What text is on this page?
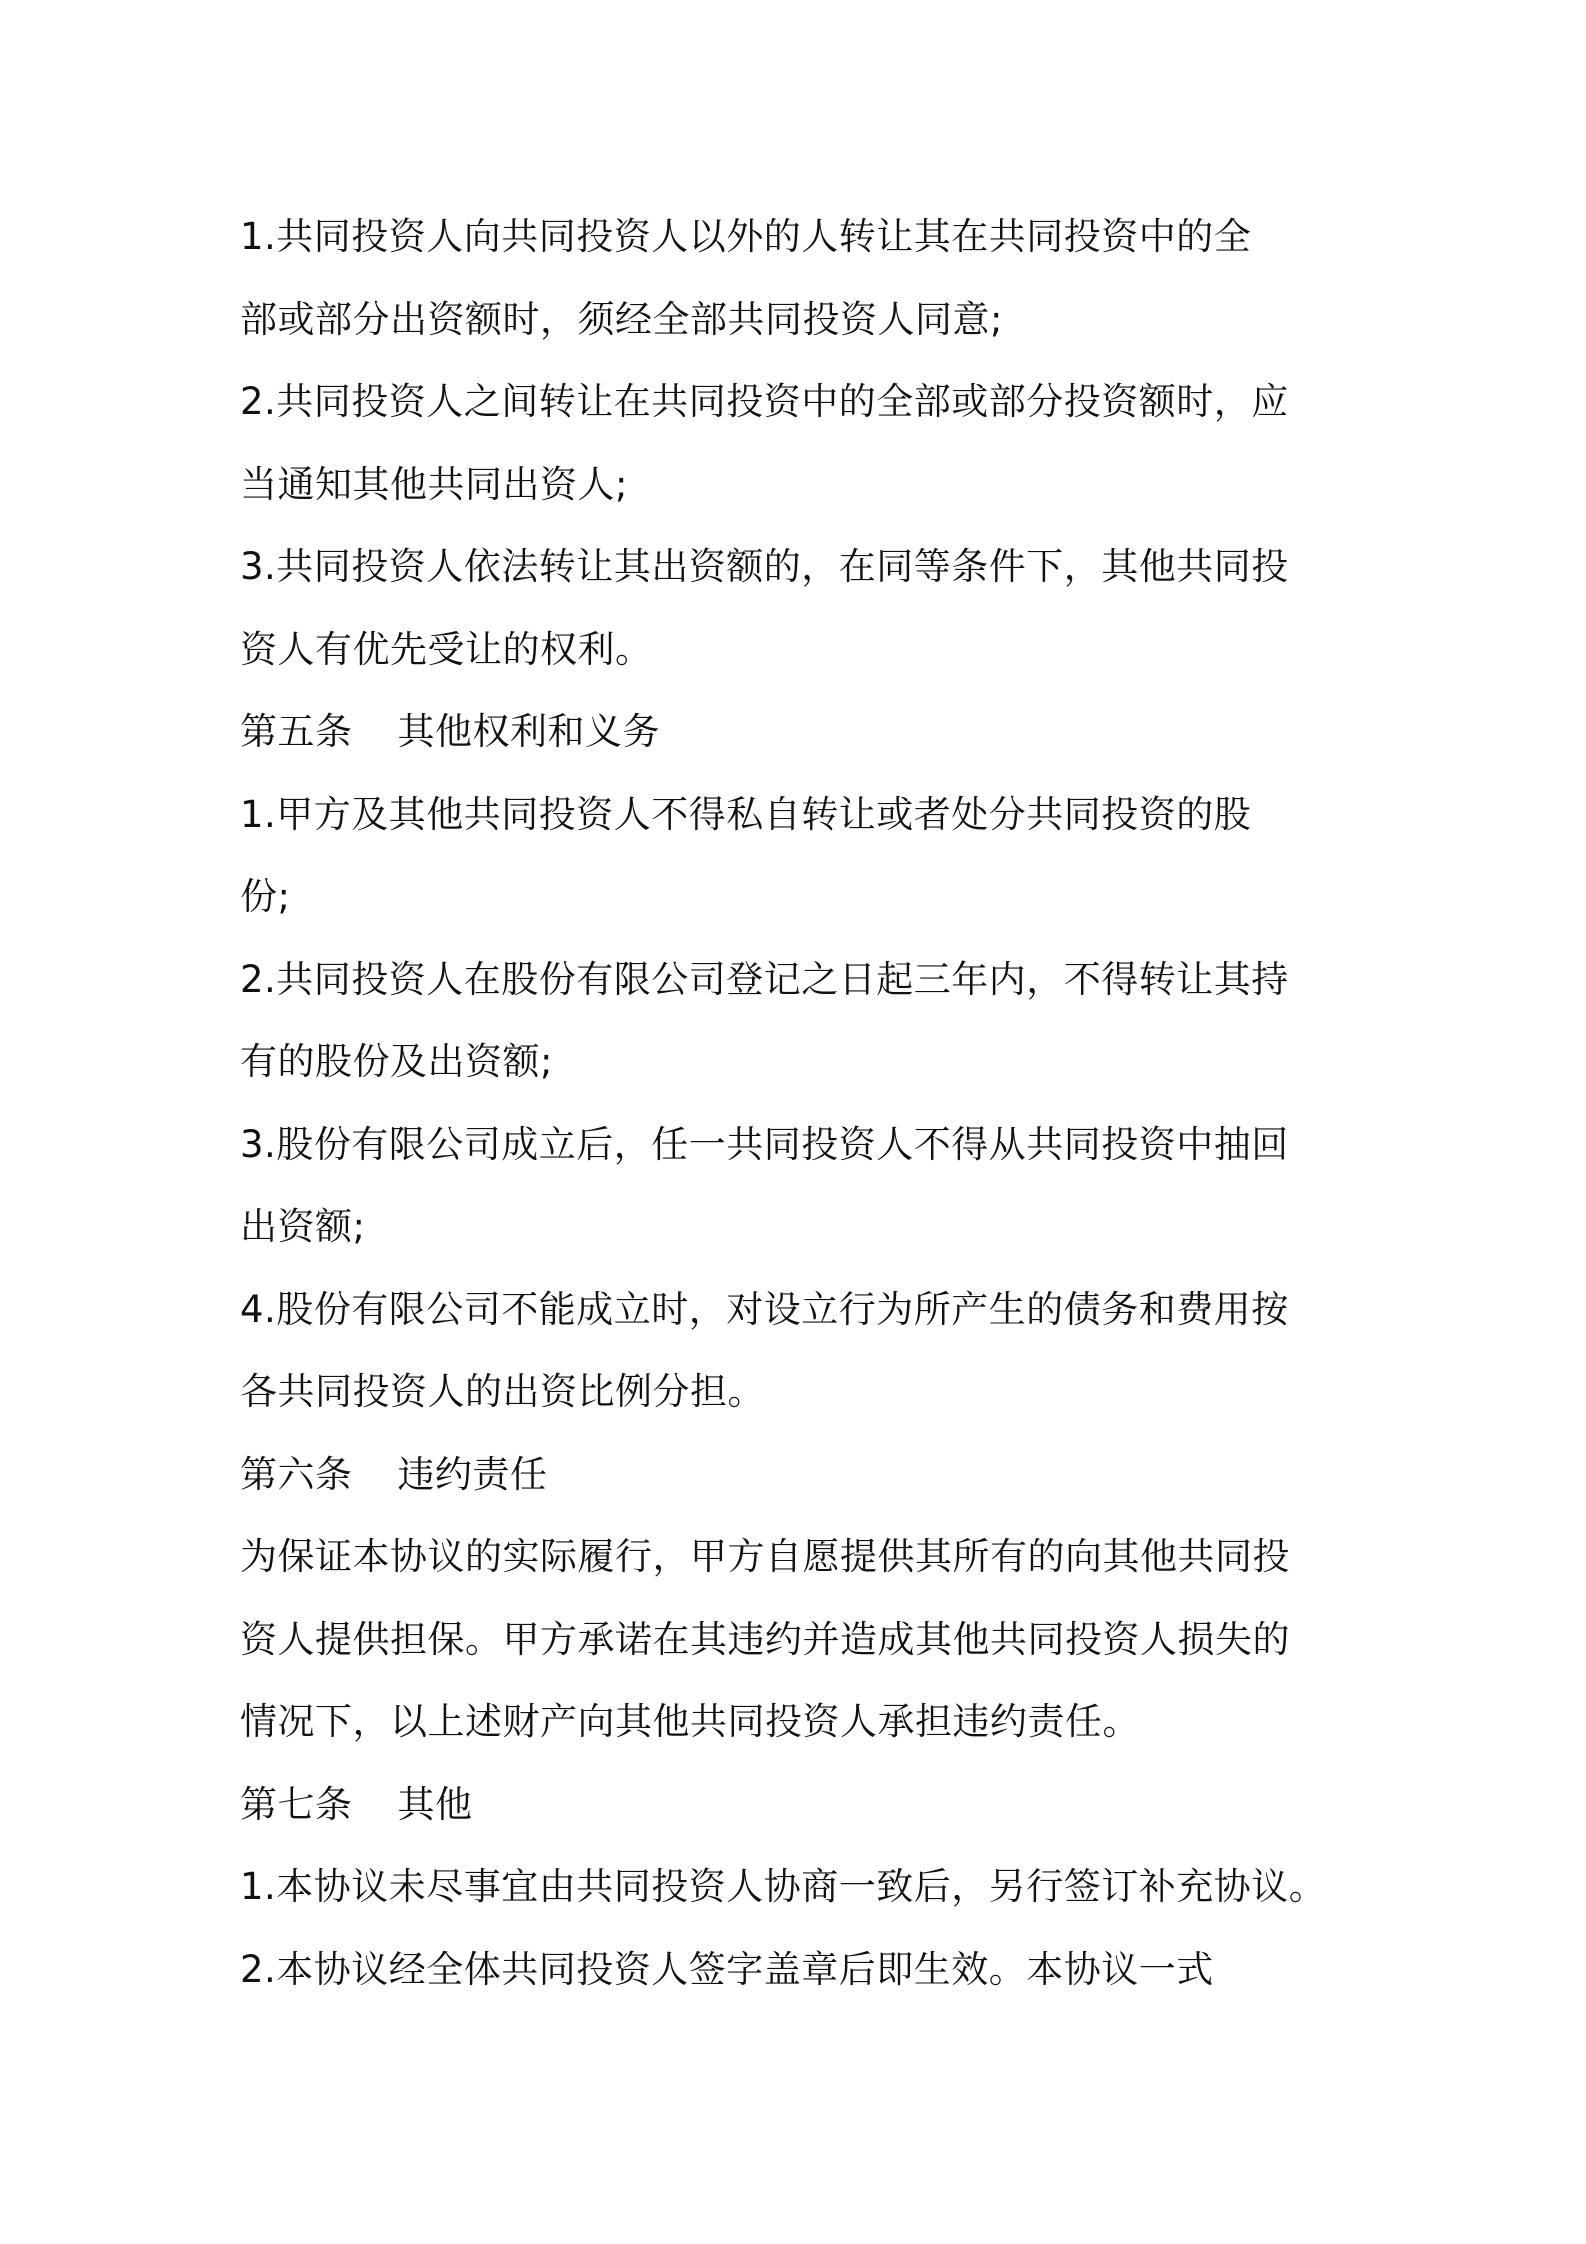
1.共同投资人向共同投资人以外的人转让其在共同投资中的全
部或部分出资额时，须经全部共同投资人同意;
2.共同投资人之间转让在共同投资中的全部或部分投资额时，应
当通知其他共同出资人;
3.共同投资人依法转让其出资额的，在同等条件下，其他共同投
资人有优先受让的权利。
第五条 其他权利和义务
1.甲方及其他共同投资人不得私自转让或者处分共同投资的股
份;
2.共同投资人在股份有限公司登记之日起三年内，不得转让其持
有的股份及出资额;
3.股份有限公司成立后，任一共同投资人不得从共同投资中抽回
出资额;
4.股份有限公司不能成立时，对设立行为所产生的债务和费用按
各共同投资人的出资比例分担。
第六条 违约责任
为保证本协议的实际履行，甲方自愿提供其所有的向其他共同投
资人提供担保。甲方承诺在其违约并造成其他共同投资人损失的
情况下，以上述财产向其他共同投资人承担违约责任。
第七条 其他
1.本协议未尽事宜由共同投资人协商一致后，另行签订补充协议。
2.本协议经全体共同投资人签字盖章后即生效。本协议一式
